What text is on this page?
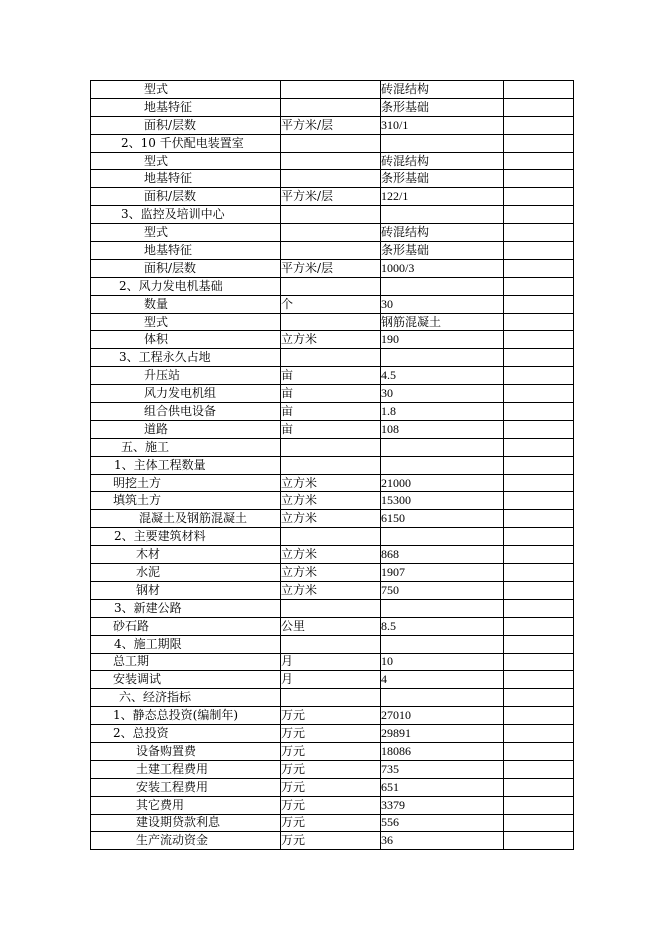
型式		砖混结构	
地基特征		条形基础	
面积/层数	平方米/层	310/1	
2、10 千伏配电装置室			
型式		砖混结构	
地基特征		条形基础	
面积/层数	平方米/层	122/1	
3、监控及培训中心			
型式		砖混结构	
地基特征		条形基础	
面积/层数	平方米/层	1000/3	
2、风力发电机基础			
数量	个	30	
型式		钢筋混凝土	
体积	立方米	190	
3、工程永久占地			
升压站	亩	4.5	
风力发电机组	亩	30	
组合供电设备	亩	1.8	
道路	亩	108	
五、施工			
1、主体工程数量			
明挖土方	立方米	21000	
填筑土方	立方米	15300	
混凝土及钢筋混凝土	立方米	6150	
2、主要建筑材料			
木材	立方米	868	
水泥	立方米	1907	
钢材	立方米	750	
3、新建公路			
砂石路	公里	8.5	
4、施工期限			
总工期	月	10	
安装调试	月	4	
六、经济指标			
1、静态总投资(编制年)	万元	27010	
2、总投资	万元	29891	
设备购置费	万元	18086	
土建工程费用	万元	735	
安装工程费用	万元	651	
其它费用	万元	3379	
建设期贷款利息	万元	556	
生产流动资金	万元	36	
